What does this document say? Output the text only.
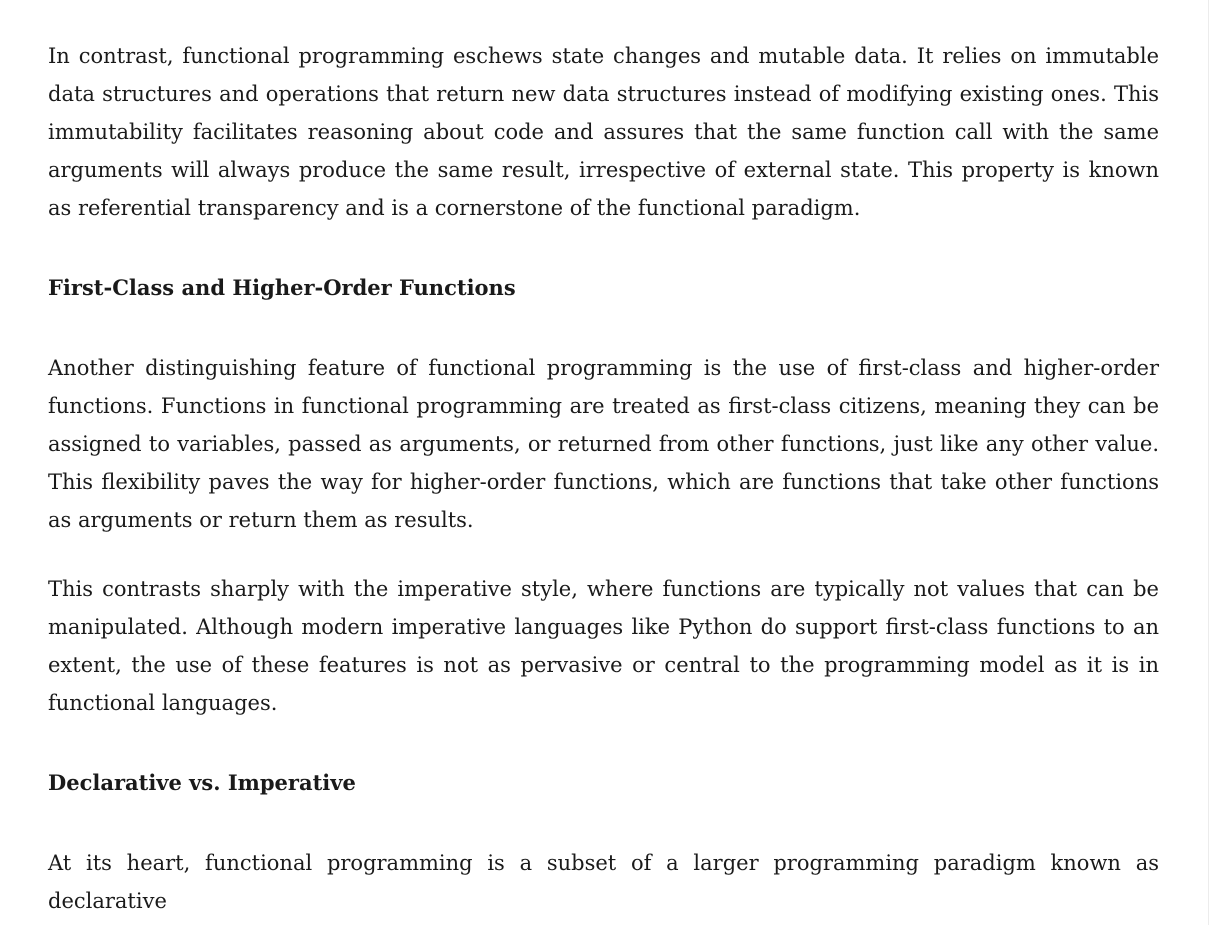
In contrast, functional programming eschews state changes and mutable data. It relies on immutable data structures and operations that return new data structures instead of modifying existing ones. This immutability facilitates reasoning about code and assures that the same function call with the same arguments will always produce the same result, irrespective of external state. This property is known as referential transparency and is a cornerstone of the functional paradigm.

First-Class and Higher-Order Functions

Another distinguishing feature of functional programming is the use of first-class and higher-order functions. Functions in functional programming are treated as first-class citizens, meaning they can be assigned to variables, passed as arguments, or returned from other functions, just like any other value. This flexibility paves the way for higher-order functions, which are functions that take other functions as arguments or return them as results.

This contrasts sharply with the imperative style, where functions are typically not values that can be manipulated. Although modern imperative languages like Python do support first-class functions to an extent, the use of these features is not as pervasive or central to the programming model as it is in functional languages.

Declarative vs. Imperative

At its heart, functional programming is a subset of a larger programming paradigm known as declarative
